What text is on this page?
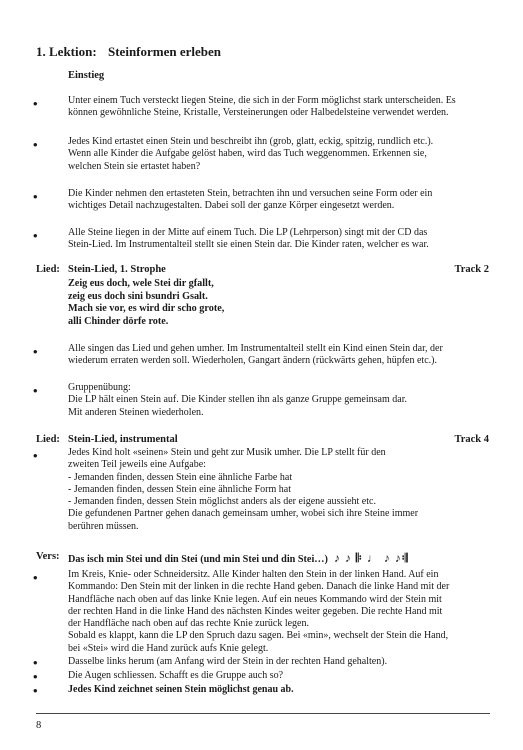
1. Lektion: Steinformen erleben
Einstieg
•	Unter einem Tuch versteckt liegen Steine, die sich in der Form möglichst stark unterscheiden. Es
können gewöhnliche Steine, Kristalle, Versteinerungen oder Halbedelsteine verwendet werden.
•	Jedes Kind ertastet einen Stein und beschreibt ihn (grob, glatt, eckig, spitzig, rundlich etc.).
Wenn alle Kinder die Aufgabe gelöst haben, wird das Tuch weggenommen. Erkennen sie,
welchen Stein sie ertastet haben?
•	Die Kinder nehmen den ertasteten Stein, betrachten ihn und versuchen seine Form oder ein
wichtiges Detail nachzugestalten. Dabei soll der ganze Körper eingesetzt werden.
•	Alle Steine liegen in der Mitte auf einem Tuch. Die LP (Lehrperson) singt mit der CD das
Stein-Lied. Im Instrumentalteil stellt sie einen Stein dar. Die Kinder raten, welcher es war.
Lied: Stein-Lied, 1. Strophe	Track 2
Zeig eus doch, wele Stei dir gfallt,
zeig eus doch sini bsundri Gsalt.
Mach sie vor, es wird dir scho grote,
alli Chinder dörfe rote.
•	Alle singen das Lied und gehen umher. Im Instrumentalteil stellt ein Kind einen Stein dar, der
wiederum erraten werden soll. Wiederholen, Gangart ändern (rückwärts gehen, hüpfen etc.).
•	Gruppenübung:
Die LP hält einen Stein auf. Die Kinder stellen ihn als ganze Gruppe gemeinsam dar.
Mit anderen Steinen wiederholen.
Lied: Stein-Lied, instrumental	Track 4
•	Jedes Kind holt «seinen» Stein und geht zur Musik umher. Die LP stellt für den
zweiten Teil jeweils eine Aufgabe:
- Jemanden finden, dessen Stein eine ähnliche Farbe hat
- Jemanden finden, dessen Stein eine ähnliche Form hat
- Jemanden finden, dessen Stein möglichst anders als der eigene aussieht etc.
Die gefundenen Partner gehen danach gemeinsam umher, wobei sich ihre Steine immer
berühren müssen.
Vers: Das isch min Stei und din Stei (und min Stei und din Stei…) ♪ ♪ 𝄆 ♩ ♪ ♪𝄇
•	Im Kreis, Knie- oder Schneidersitz. Alle Kinder halten den Stein in der linken Hand. Auf ein
Kommando: Den Stein mit der linken in die rechte Hand geben. Danach die linke Hand mit der
Handfläche nach oben auf das linke Knie legen. Auf ein neues Kommando wird der Stein mit
der rechten Hand in die linke Hand des nächsten Kindes weiter gegeben. Die rechte Hand mit
der Handfläche nach oben auf das rechte Knie zurück legen.
Sobald es klappt, kann die LP den Spruch dazu sagen. Bei «min», wechselt der Stein die Hand,
bei «Stei» wird die Hand zurück aufs Knie gelegt.
•	Dasselbe links herum (am Anfang wird der Stein in der rechten Hand gehalten).
•	Die Augen schliessen. Schafft es die Gruppe auch so?
•	Jedes Kind zeichnet seinen Stein möglichst genau ab.
8
